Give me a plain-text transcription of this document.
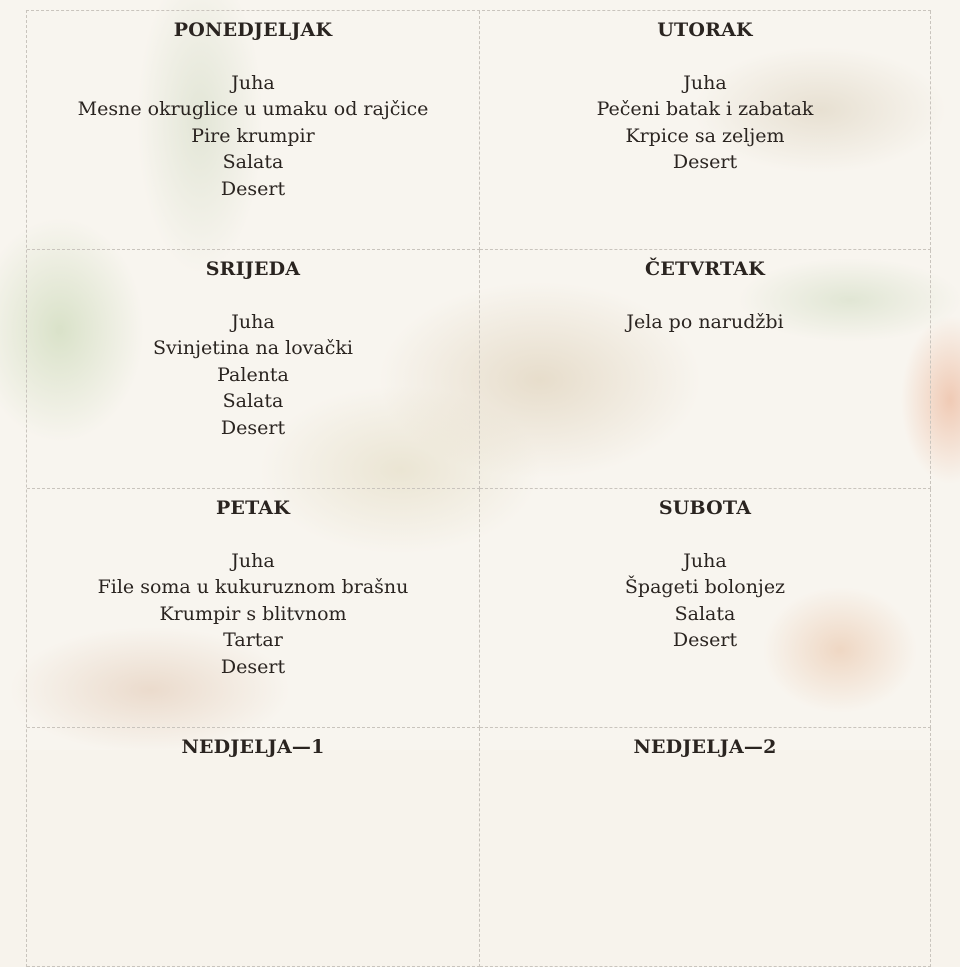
PONEDJELJAK

Juha

Mesne okruglice u umaku od rajčice

Pire krumpir

Salata

Desert

UTORAK

Juha

Pečeni batak i zabatak

Krpice sa zeljem

Desert

SRIJEDA

Juha

Svinjetina na lovački

Palenta

Salata

Desert

ČETVRTAK

Jela po narudžbi

PETAK

Juha

File soma u kukuruznom brašnu

Krumpir s blitvnom

Tartar

Desert

SUBOTA

Juha

Špageti bolonjez

Salata

Desert

NEDJELJA—1	NEDJELJA—2
